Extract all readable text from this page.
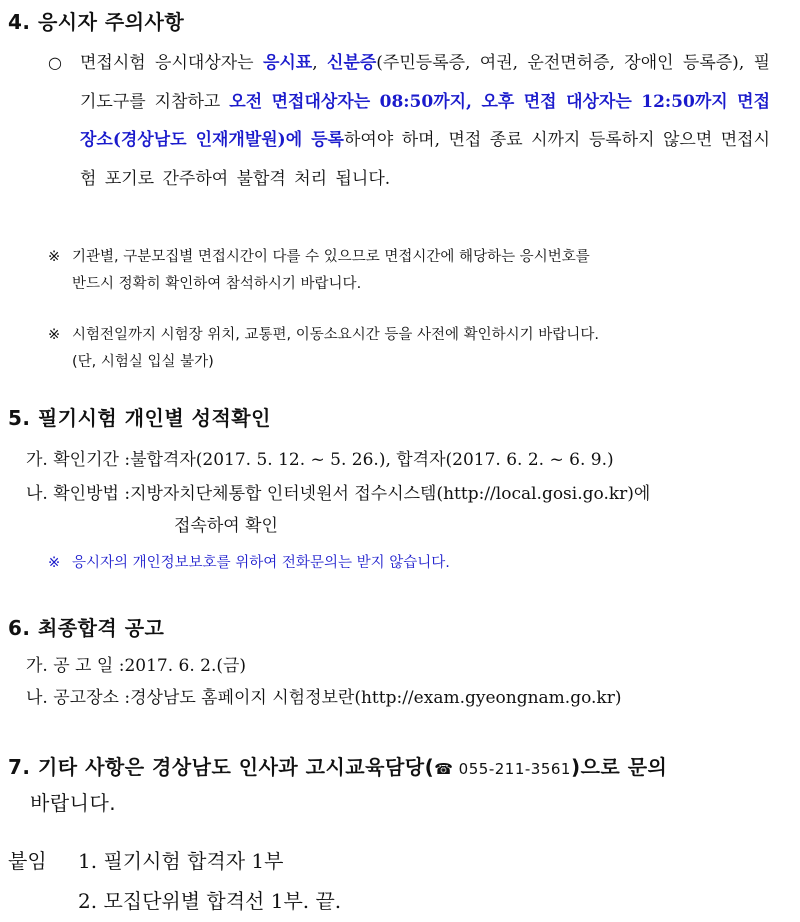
4. 응시자 주의사항
○ 면접시험 응시대상자는 응시표, 신분증(주민등록증, 여권, 운전면허증, 장애인 등록증), 필기도구를 지참하고 오전 면접대상자는 08:50까지, 오후 면접 대상자는 12:50까지 면접장소(경상남도 인재개발원)에 등록하여야 하며, 면접 종료 시까지 등록하지 않으면 면접시험 포기로 간주하여 불합격 처리 됩니다.
※ 기관별, 구분모집별 면접시간이 다를 수 있으므로 면접시간에 해당하는 응시번호를
반드시 정확히 확인하여 참석하시기 바랍니다.
※ 시험전일까지 시험장 위치, 교통편, 이동소요시간 등을 사전에 확인하시기 바랍니다.
(단, 시험실 입실 불가)
5. 필기시험 개인별 성적확인
가. 확인기간 :불합격자(2017. 5. 12. ~ 5. 26.), 합격자(2017. 6. 2. ~ 6. 9.)
나. 확인방법 :지방자치단체통합 인터넷원서 접수시스템(http://local.gosi.go.kr)에
접속하여 확인
※ 응시자의 개인정보보호를 위하여 전화문의는 받지 않습니다.
6. 최종합격 공고
가. 공 고 일 :2017. 6. 2.(금)
나. 공고장소 :경상남도 홈페이지 시험정보란(http://exam.gyeongnam.go.kr)
7. 기타 사항은 경상남도 인사과 고시교육담당(☎ 055-211-3561)으로 문의
바랍니다.
붙임 1. 필기시험 합격자 1부
2. 모집단위별 합격선 1부. 끝.
